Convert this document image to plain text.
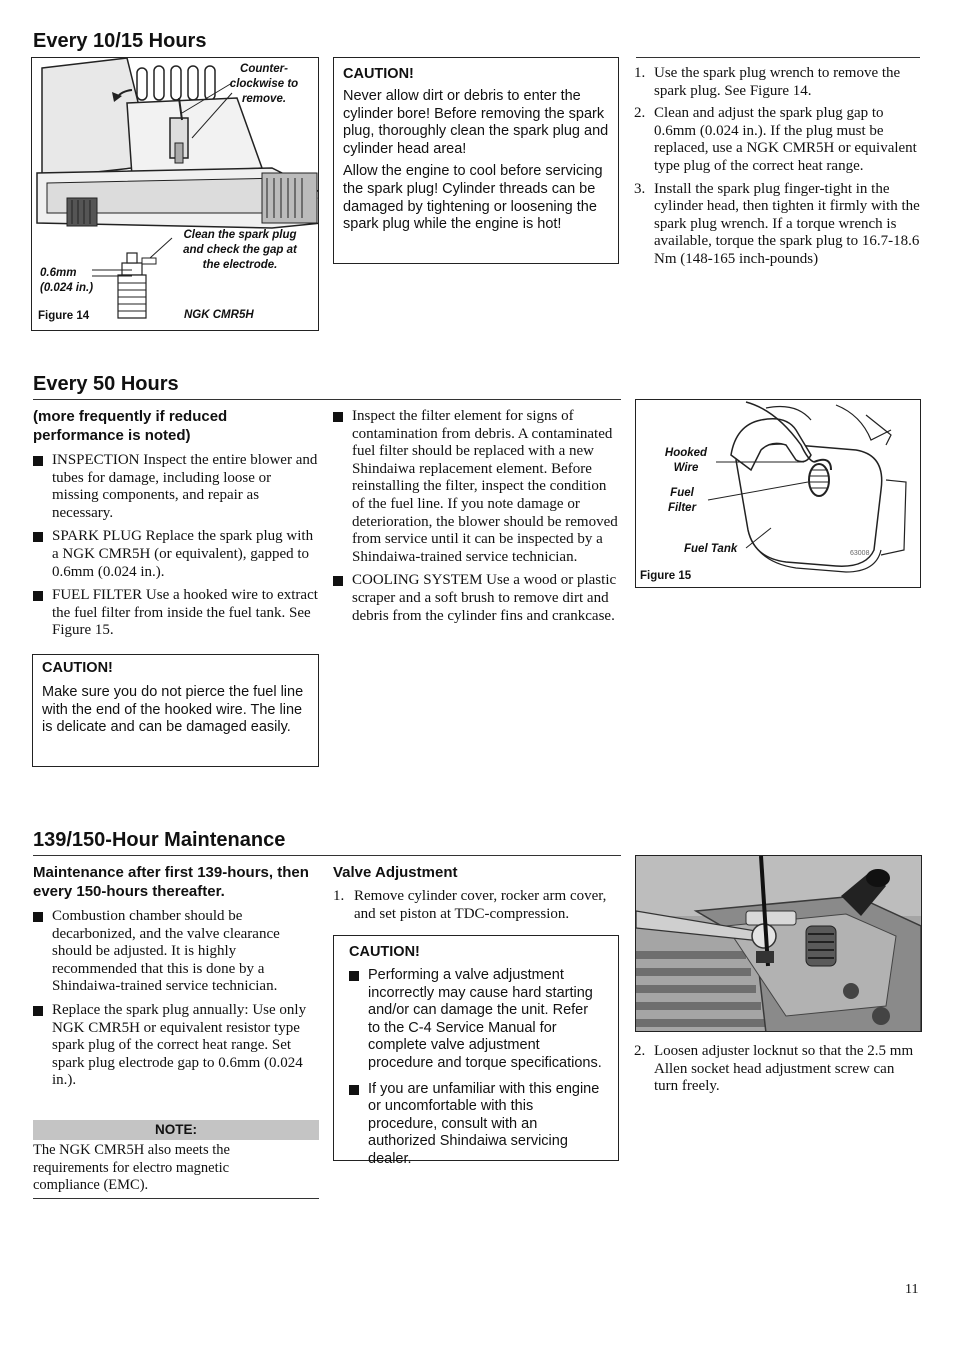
Every 10/15 Hours
Counter-clockwise to remove.
Clean the spark plug and check the gap at the electrode.
0.6mm (0.024 in.)
Figure 14	NGK CMR5H
CAUTION!

Never allow dirt or debris to enter the cylinder bore! Before removing the spark plug, thoroughly clean the spark plug and cylinder head area!

Allow the engine to cool before servicing the spark plug! Cylinder threads can be damaged by tightening or loosening the spark plug while the engine is hot!

1. Use the spark plug wrench to remove the spark plug. See Figure 14.
2. Clean and adjust the spark plug gap to 0.6mm (0.024 in.). If the plug must be replaced, use a NGK CMR5H or equivalent type plug of the correct heat range.
3. Install the spark plug finger-tight in the cylinder head, then tighten it firmly with the spark plug wrench. If a torque wrench is available, torque the spark plug to 16.7-18.6 Nm (148-165 inch-pounds)
Every 50 Hours
(more frequently if reduced performance is noted)
INSPECTION Inspect the entire blower and tubes for damage, including loose or missing components, and repair as necessary.
SPARK PLUG Replace the spark plug with a NGK CMR5H (or equivalent), gapped to 0.6mm (0.024 in.).
FUEL FILTER Use a hooked wire to extract the fuel filter from inside the fuel tank. See Figure 15.
CAUTION!

Make sure you do not pierce the fuel line with the end of the hooked wire. The line is delicate and can be damaged easily.

Inspect the filter element for signs of contamination from debris. A contaminated fuel filter should be replaced with a new Shindaiwa replacement element. Before reinstalling the filter, inspect the condition of the fuel line. If you note damage or deterioration, the blower should be removed from service until it can be inspected by a Shindaiwa-trained service technician.
COOLING SYSTEM Use a wood or plastic scraper and a soft brush to remove dirt and debris from the cylinder fins and crankcase.
Hooked Wire
Fuel Filter
Fuel Tank	63008
Figure 15
139/150-Hour Maintenance
Maintenance after first 139-hours, then every 150-hours thereafter.
Combustion chamber should be decarbonized, and the valve clearance should be adjusted. It is highly recommended that this is done by a Shindaiwa-trained service technician.
Replace the spark plug annually: Use only NGK CMR5H or equivalent resistor type spark plug of the correct heat range. Set spark plug electrode gap to 0.6mm (0.024 in.).
NOTE:

The NGK CMR5H also meets the requirements for electro magnetic compliance (EMC).

Valve Adjustment
1. Remove cylinder cover, rocker arm cover, and set piston at TDC-compression.
CAUTION!
Performing a valve adjustment incorrectly may cause hard starting and/or can damage the unit. Refer to the C-4 Service Manual for complete valve adjustment procedure and torque specifications.
If you are unfamiliar with this engine or uncomfortable with this procedure, consult with an authorized Shindaiwa servicing dealer.
2. Loosen adjuster locknut so that the 2.5 mm Allen socket head adjustment screw can turn freely.
11
